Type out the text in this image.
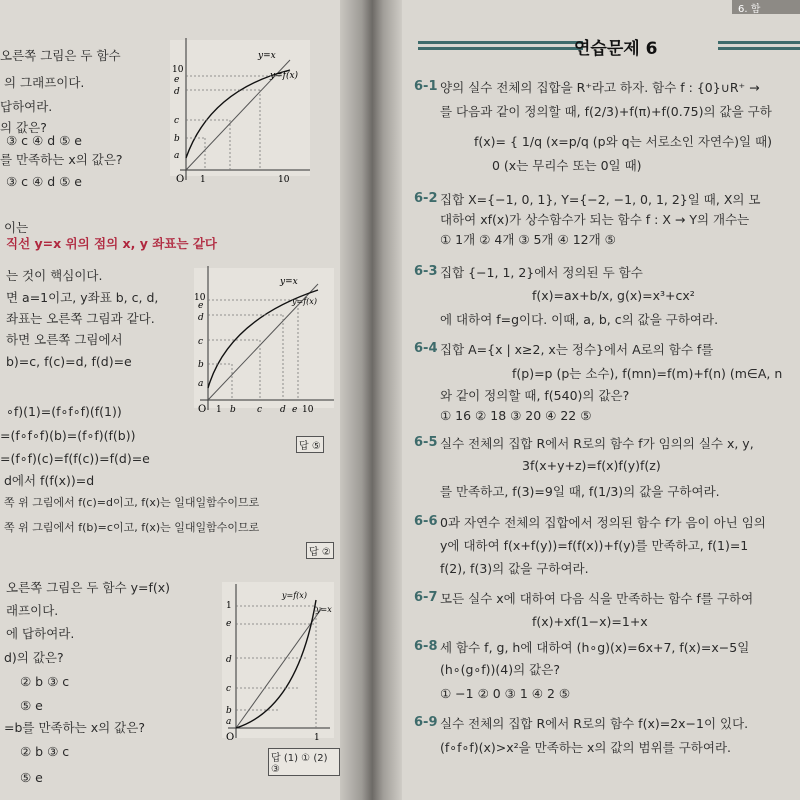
오른쪽 그림은 두 함수
의 그래프이다.
답하여라.
의 값은?
③ c ④ d ⑤ e
를 만족하는 x의 값은?
③ c ④ d ⑤ e
10
e
d
c
b
a
O 1	10
y=x
y=f(x)
이는
직선 y=x 위의 점의 x, y 좌표는 같다
는 것이 핵심이다.
면 a=1이고, y좌표 b, c, d,
좌표는 오른쪽 그림과 같다.
하면 오른쪽 그림에서
b)=c, f(c)=d, f(d)=e
∘f)(1)=(f∘f∘f)(f(1))
=(f∘f∘f)(b)=(f∘f)(f(b))
=(f∘f)(c)=f(f(c))=f(d)=e
d에서 f(f(x))=d
쪽 위 그림에서 f(c)=d이고, f(x)는 일대일함수이므로
쪽 위 그림에서 f(b)=c이고, f(x)는 일대일함수이므로
답 ⑤
답 ②
10
e
d
c
b
a
O 1 b c d e 10
y=x
y=f(x)
오른쪽 그림은 두 함수 y=f(x)
래프이다.
에 답하여라.
d)의 값은?
② b ③ c
⑤ e
=b를 만족하는 x의 값은?
② b ③ c
⑤ e
답 (1) ① (2) ③
1
e
d
c
b
a
O	1
y=f(x)
y=x
6. 함
연습문제 6
6-1 양의 실수 전체의 집합을 R⁺라고 하자. 함수 f : {0}∪R⁺ →
를 다음과 같이 정의할 때, f(2/3)+f(π)+f(0.75)의 값을 구하
f(x)= { 1/q (x=p/q (p와 q는 서로소인 자연수)일 때)
0 (x는 무리수 또는 0일 때)
6-2 집합 X={−1, 0, 1}, Y={−2, −1, 0, 1, 2}일 때, X의 모
대하여 xf(x)가 상수함수가 되는 함수 f : X → Y의 개수는
① 1개 ② 4개 ③ 5개 ④ 12개 ⑤
6-3 집합 {−1, 1, 2}에서 정의된 두 함수
f(x)=ax+b/x, g(x)=x³+cx²
에 대하여 f=g이다. 이때, a, b, c의 값을 구하여라.
6-4 집합 A={x | x≥2, x는 정수}에서 A로의 함수 f를
f(p)=p (p는 소수), f(mn)=f(m)+f(n) (m∈A, n
와 같이 정의할 때, f(540)의 값은?
① 16 ② 18 ③ 20 ④ 22 ⑤
6-5 실수 전체의 집합 R에서 R로의 함수 f가 임의의 실수 x, y,
3f(x+y+z)=f(x)f(y)f(z)
를 만족하고, f(3)=9일 때, f(1/3)의 값을 구하여라.
6-6 0과 자연수 전체의 집합에서 정의된 함수 f가 음이 아닌 임의
y에 대하여 f(x+f(y))=f(f(x))+f(y)를 만족하고, f(1)=1
f(2), f(3)의 값을 구하여라.
6-7 모든 실수 x에 대하여 다음 식을 만족하는 함수 f를 구하여
f(x)+xf(1−x)=1+x
6-8 세 함수 f, g, h에 대하여 (h∘g)(x)=6x+7, f(x)=x−5일
(h∘(g∘f))(4)의 값은?
① −1 ② 0 ③ 1 ④ 2 ⑤
6-9 실수 전체의 집합 R에서 R로의 함수 f(x)=2x−1이 있다.
(f∘f∘f)(x)>x²을 만족하는 x의 값의 범위를 구하여라.
